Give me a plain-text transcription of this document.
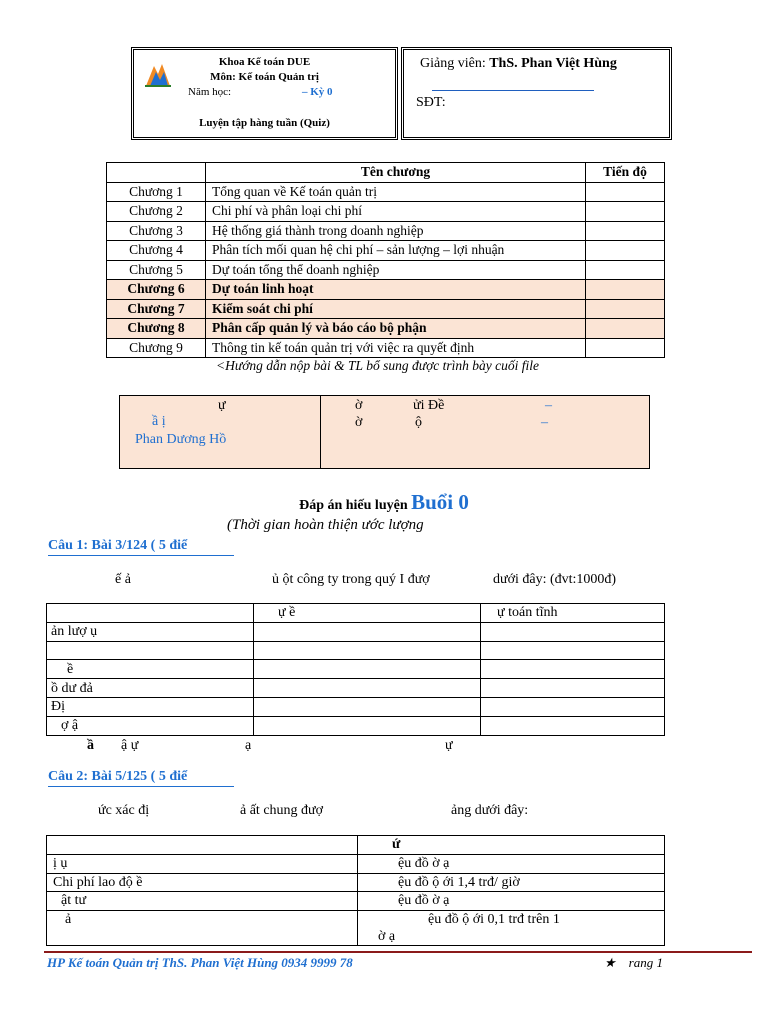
Khoa Kế toán DUE
Môn: Kế toán Quản trị
Năm học:	– Kỳ 0
Luyện tập hàng tuần (Quiz)
Giảng viên: ThS. Phan Việt Hùng
SĐT:
	Tên chương	Tiến độ
Chương 1	Tổng quan về Kế toán quản trị	
Chương 2	Chi phí và phân loại chi phí	
Chương 3	Hệ thống giá thành trong doanh nghiệp	
Chương 4	Phân tích mối quan hệ chi phí – sản lượng – lợi nhuận	
Chương 5	Dự toán tổng thể doanh nghiệp	
Chương 6	Dự toán linh hoạt	
Chương 7	Kiểm soát chi phí	
Chương 8	Phân cấp quản lý và báo cáo bộ phận	
Chương 9	Thông tin kế toán quản trị với việc ra quyết định	
<Hướng dẫn nộp bài & TL bổ sung được trình bày cuối file
ự
ầ ị
Phan Dương Hồ
ờ	ửi Đề	–
ờ	ộ	–
Đáp án hiếu luyện Buổi 0
(Thời gian hoàn thiện ước lượng
Câu 1: Bài 3/124 ( 5 điể
ế ả	ủ ột công ty trong quý I đượ	dưới đây: (đvt:1000đ)
	ự ề	ự toán tĩnh
ản lượ ụ		

ề		
ồ dư đả		
Đị		
ợ ậ		
ầ ậ ự	ạ	ự
Câu 2: Bài 5/125 ( 5 điể
ức xác đị	ả ất chung đượ	ảng dưới đây:
	ứ
ị ụ	ệu đồ ờ ạ
Chi phí lao độ ề	ệu đồ ộ ới 1,4 trđ/ giờ
ật tư	ệu đồ ờ ạ
ả	ệu đồ ộ ới 0,1 trđ trên 1
ờ ạ
HP Kế toán Quản trị ThS. Phan Việt Hùng 0934 9999 78	★ rang 1
